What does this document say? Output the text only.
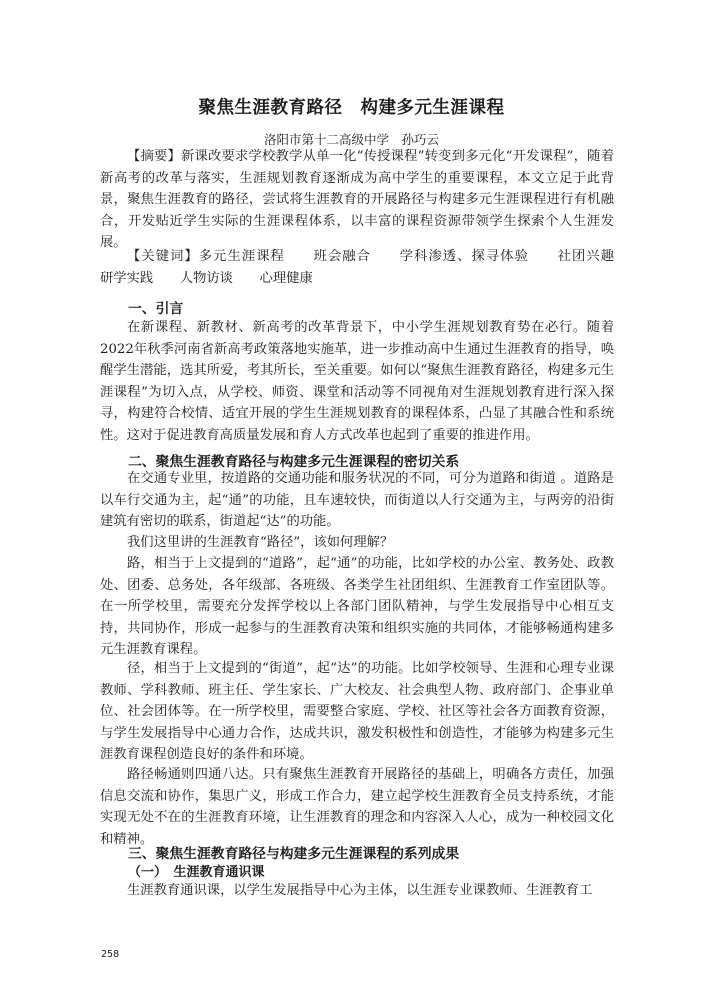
聚焦生涯教育路径　构建多元生涯课程
洛阳市第十二高级中学　孙巧云
【摘要】新课改要求学校教学从单一化“传授课程”转变到多元化“开发课程”，随着新高考的改革与落实，生涯规划教育逐渐成为高中学生的重要课程，本文立足于此背景，聚焦生涯教育的路径，尝试将生涯教育的开展路径与构建多元生涯课程进行有机融合，开发贴近学生实际的生涯课程体系，以丰富的课程资源带领学生探索个人生涯发展。
【关键词】多元生涯课程　　班会融合　　学科渗透、探寻体验　　社团兴趣　　研学实践　　人物访谈　　心理健康
一、引言
在新课程、新教材、新高考的改革背景下，中小学生涯规划教育势在必行。随着2022年秋季河南省新高考政策落地实施革，进一步推动高中生通过生涯教育的指导，唤醒学生潜能，选其所爱，考其所长，至关重要。如何以“聚焦生涯教育路径，构建多元生涯课程”为切入点，从学校、师资、课堂和活动等不同视角对生涯规划教育进行深入探寻，构建符合校情、适宜开展的学生生涯规划教育的课程体系，凸显了其融合性和系统性。这对于促进教育高质量发展和育人方式改革也起到了重要的推进作用。
二、聚焦生涯教育路径与构建多元生涯课程的密切关系
在交通专业里，按道路的交通功能和服务状况的不同，可分为道路和街道 。道路是以车行交通为主，起“通”的功能，且车速较快，而街道以人行交通为主，与两旁的沿街建筑有密切的联系，街道起“达”的功能。
我们这里讲的生涯教育“路径”，该如何理解？
路，相当于上文提到的“道路”，起“通”的功能，比如学校的办公室、教务处、政教处、团委、总务处，各年级部、各班级、各类学生社团组织、生涯教育工作室团队等。在一所学校里，需要充分发挥学校以上各部门团队精神，与学生发展指导中心相互支持，共同协作，形成一起参与的生涯教育决策和组织实施的共同体，才能够畅通构建多元生涯教育课程。
径，相当于上文提到的“街道”，起“达”的功能。比如学校领导、生涯和心理专业课教师、学科教师、班主任、学生家长、广大校友、社会典型人物、政府部门、企事业单位、社会团体等。在一所学校里，需要整合家庭、学校、社区等社会各方面教育资源，与学生发展指导中心通力合作，达成共识，激发积极性和创造性，才能够为构建多元生涯教育课程创造良好的条件和环境。
路径畅通则四通八达。只有聚焦生涯教育开展路径的基础上，明确各方责任，加强信息交流和协作，集思广义，形成工作合力，建立起学校生涯教育全员支持系统，才能实现无处不在的生涯教育环境，让生涯教育的理念和内容深入人心，成为一种校园文化和精神。
三、聚焦生涯教育路径与构建多元生涯课程的系列成果
（一）　生涯教育通识课
生涯教育通识课，以学生发展指导中心为主体，以生涯专业课教师、生涯教育工
258
